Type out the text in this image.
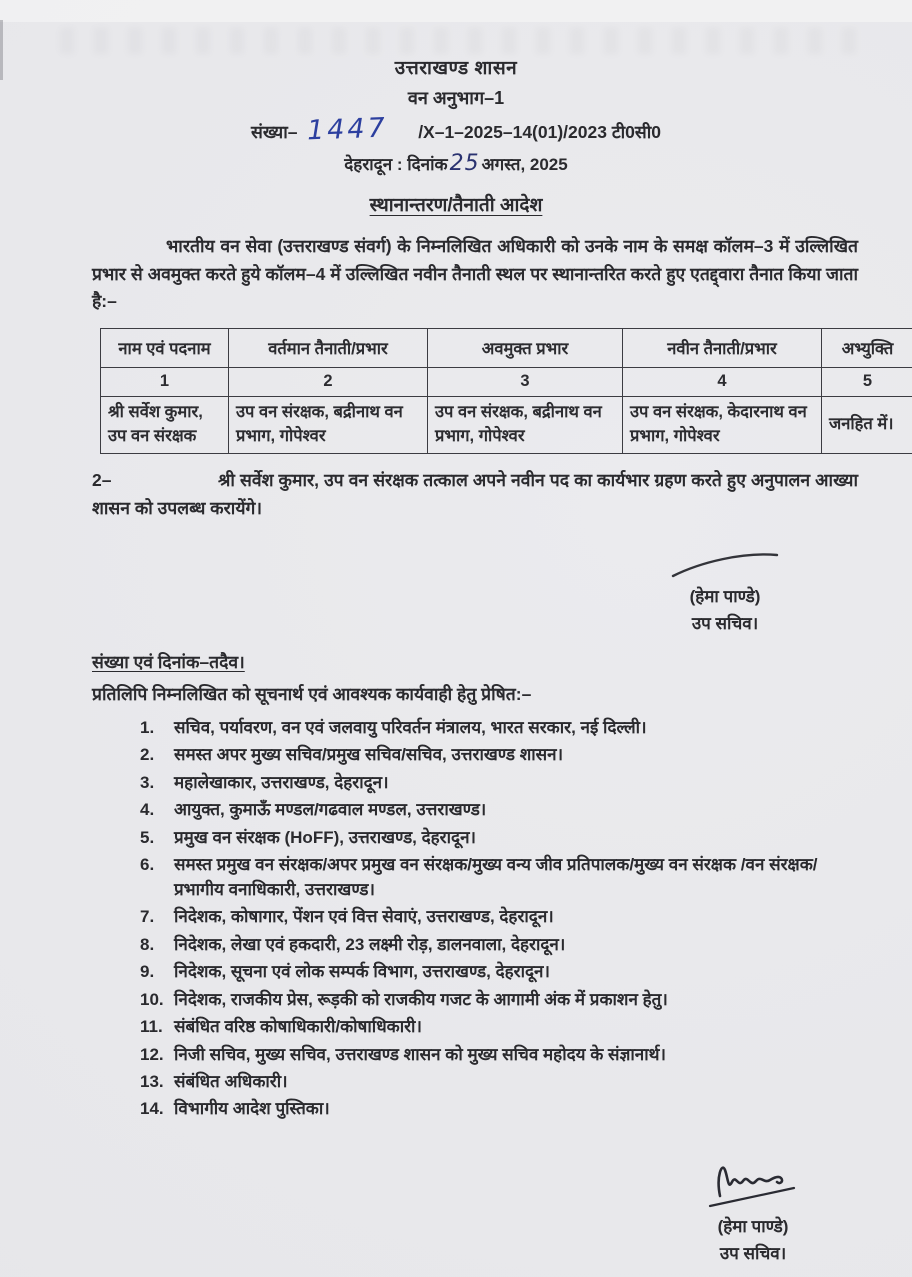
उत्तराखण्ड शासन
वन अनुभाग–1
संख्या– 1447 /X–1–2025–14(01)/2023 टी0सी0
देहरादून : दिनांक 25 अगस्त, 2025
स्थानान्तरण/तैनाती आदेश
भारतीय वन सेवा (उत्तराखण्ड संवर्ग) के निम्नलिखित अधिकारी को उनके नाम के समक्ष कॉलम–3 में उल्लिखित प्रभार से अवमुक्त करते हुये कॉलम–4 में उल्लिखित नवीन तैनाती स्थल पर स्थानान्तरित करते हुए एतद्द्वारा तैनात किया जाता है:–
नाम एवं पदनाम	वर्तमान तैनाती/प्रभार	अवमुक्त प्रभार	नवीन तैनाती/प्रभार	अभ्युक्ति
1	2	3	4	5
श्री सर्वेश कुमार, उप वन संरक्षक	उप वन संरक्षक, बद्रीनाथ वन प्रभाग, गोपेश्वर	उप वन संरक्षक, बद्रीनाथ वन प्रभाग, गोपेश्वर	उप वन संरक्षक, केदारनाथ वन प्रभाग, गोपेश्वर	जनहित में।
2–	श्री सर्वेश कुमार, उप वन संरक्षक तत्काल अपने नवीन पद का कार्यभार ग्रहण करते हुए अनुपालन आख्या शासन को उपलब्ध करायेंगे।

(हेमा पाण्डे)
उप सचिव।
संख्या एवं दिनांक–तदैव।
प्रतिलिपि निम्नलिखित को सूचनार्थ एवं आवश्यक कार्यवाही हेतु प्रेषित:–
1.	सचिव, पर्यावरण, वन एवं जलवायु परिवर्तन मंत्रालय, भारत सरकार, नई दिल्ली।
2.	समस्त अपर मुख्य सचिव/प्रमुख सचिव/सचिव, उत्तराखण्ड शासन।
3.	महालेखाकार, उत्तराखण्ड, देहरादून।
4.	आयुक्त, कुमाऊँ मण्डल/गढवाल मण्डल, उत्तराखण्ड।
5.	प्रमुख वन संरक्षक (HoFF), उत्तराखण्ड, देहरादून।
6.	समस्त प्रमुख वन संरक्षक/अपर प्रमुख वन संरक्षक/मुख्य वन्य जीव प्रतिपालक/मुख्य वन संरक्षक /वन संरक्षक/प्रभागीय वनाधिकारी, उत्तराखण्ड।
7.	निदेशक, कोषागार, पेंशन एवं वित्त सेवाएं, उत्तराखण्ड, देहरादून।
8.	निदेशक, लेखा एवं हकदारी, 23 लक्ष्मी रोड़, डालनवाला, देहरादून।
9.	निदेशक, सूचना एवं लोक सम्पर्क विभाग, उत्तराखण्ड, देहरादून।
10. निदेशक, राजकीय प्रेस, रूड़की को राजकीय गजट के आगामी अंक में प्रकाशन हेतु।
11. संबंधित वरिष्ठ कोषाधिकारी/कोषाधिकारी।
12. निजी सचिव, मुख्य सचिव, उत्तराखण्ड शासन को मुख्य सचिव महोदय के संज्ञानार्थ।
13. संबंधित अधिकारी।
14. विभागीय आदेश पुस्तिका।
(हेमा पाण्डे)
उप सचिव।
